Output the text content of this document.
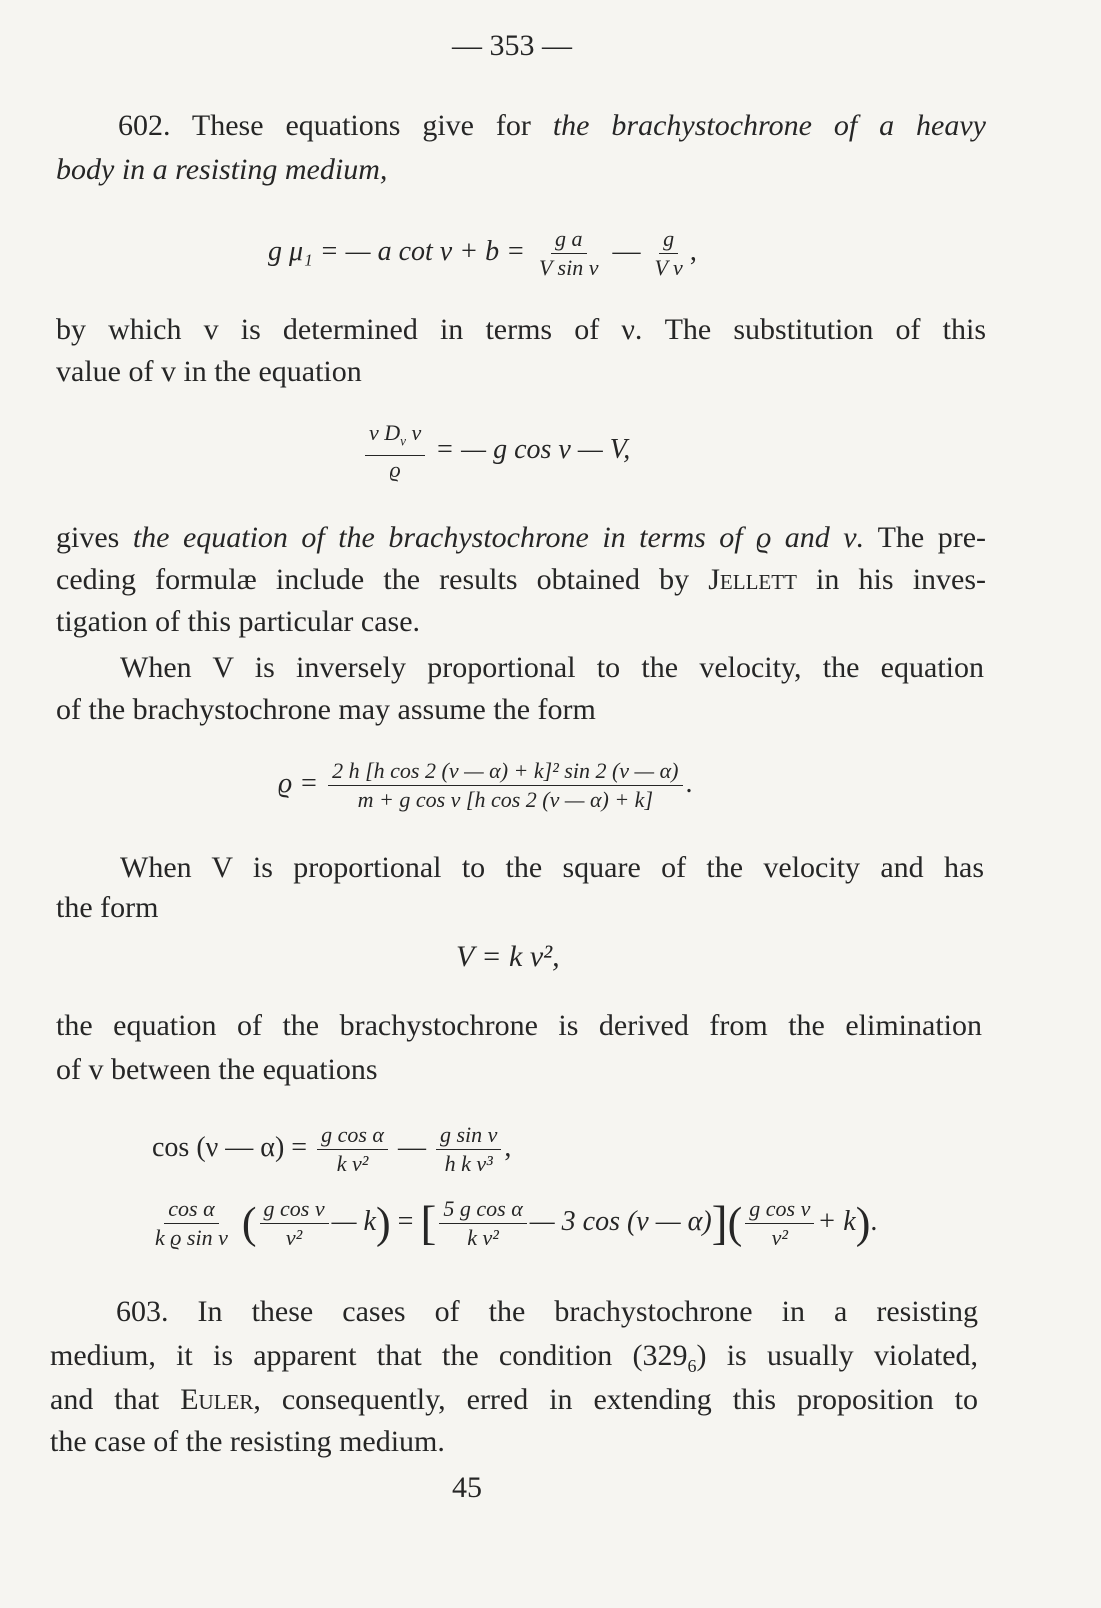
— 353 —
602. These equations give for the brachystochrone of a heavy
body in a resisting medium,
g μ₁ = — a $\cot \nu + b = \frac{\text{g a}}{\text{V sin ν}}$ — $\frac{g}{\text{V v}}$ ,
by which v is determined in terms of ν. The substitution of this
value of v in the equation
$\frac{v D_\nu v}{ϱ}$ = — g cos ν — V,
gives the equation of the brachystochrone in terms of ϱ and ν. The pre-
ceding formulæ include the results obtained by Jellett in his inves-
tigation of this particular case.
When V is inversely proportional to the velocity, the equation
of the brachystochrone may assume the form
$ϱ = \frac{\text{2 h [h cos 2 (ν — α) + k]² sin 2 (ν — α)}}{\text{m + g cos ν [h cos 2 (ν — α) + k]}}$ .
When V is proportional to the square of the velocity and has
the form
V = k v²,
the equation of the brachystochrone is derived from the elimination
of v between the equations
cos (ν — $\alpha) = \frac{\text{g cos α}}{\text{k v²}}$ — $\frac{\text{g sin ν}}{\text{h k v³}}$ ,
$\frac{\text{cos α}}{\text{k ϱ sin ν}}$ ( $\frac{\text{g cos ν}}{\text{v²}}$ — k) = [ $\frac{\text{5 g cos α}}{\text{k v²}}$ — 3 cos (ν — $\alpha)]( \frac{\text{g cos ν}}{\text{v²}} + k)$.
603. In these cases of the brachystochrone in a resisting
medium, it is apparent that the condition $(329_6)$ is usually violated,
and that Euler, consequently, erred in extending this proposition to
the case of the resisting medium.
45
